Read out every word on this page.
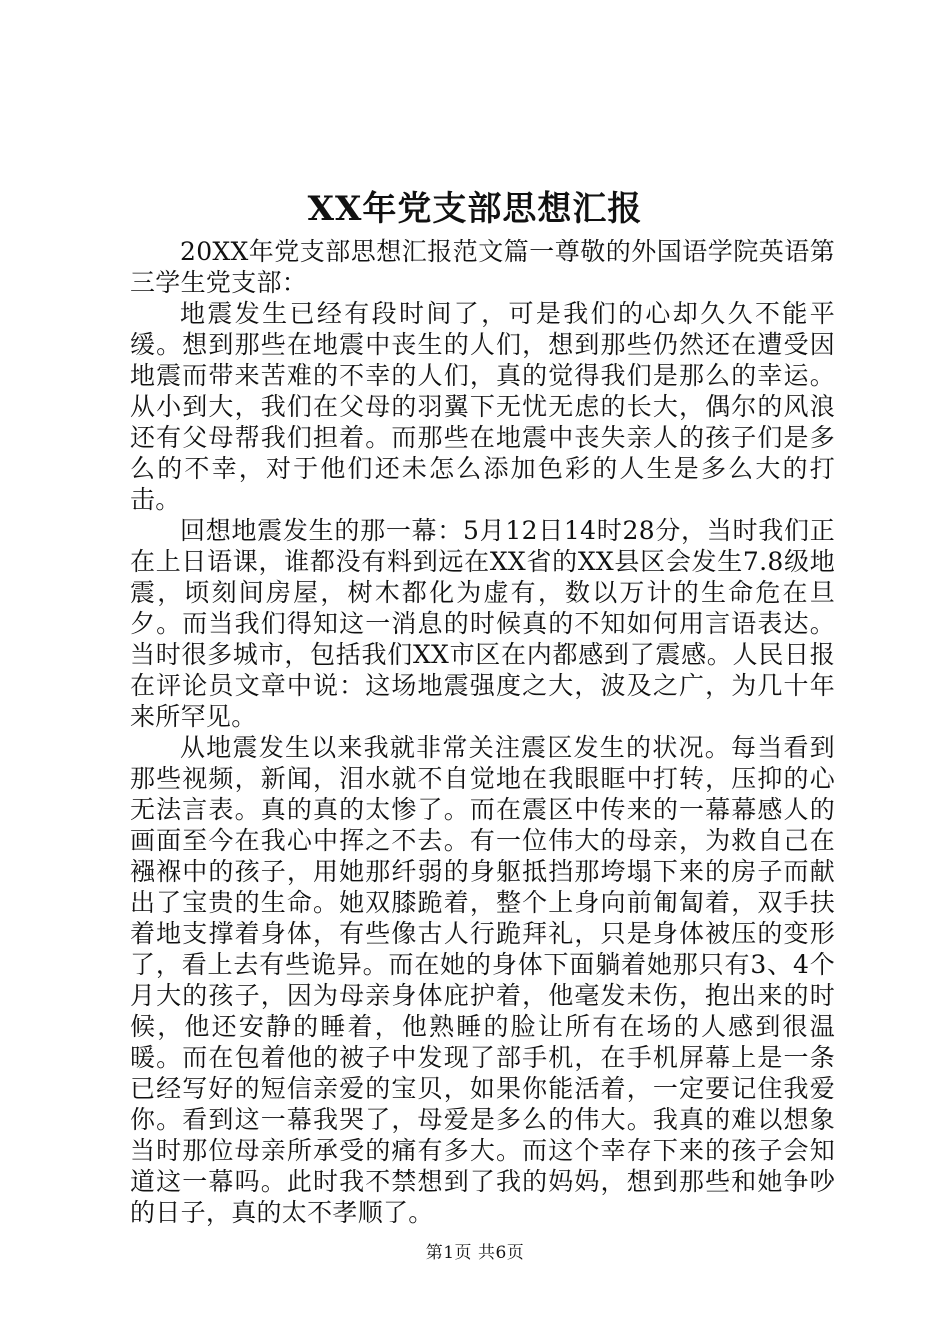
XX年党支部思想汇报

20XX年党支部思想汇报范文篇一尊敬的外国语学院英语第三学生党支部：

地震发生已经有段时间了，可是我们的心却久久不能平缓。想到那些在地震中丧生的人们，想到那些仍然还在遭受因地震而带来苦难的不幸的人们，真的觉得我们是那么的幸运。从小到大，我们在父母的羽翼下无忧无虑的长大，偶尔的风浪还有父母帮我们担着。而那些在地震中丧失亲人的孩子们是多么的不幸，对于他们还未怎么添加色彩的人生是多么大的打击。

回想地震发生的那一幕：5月12日14时28分，当时我们正在上日语课，谁都没有料到远在XX省的XX县区会发生7.8级地震，顷刻间房屋，树木都化为虚有，数以万计的生命危在旦夕。而当我们得知这一消息的时候真的不知如何用言语表达。当时很多城市，包括我们XX市区在内都感到了震感。人民日报在评论员文章中说：这场地震强度之大，波及之广，为几十年来所罕见。

从地震发生以来我就非常关注震区发生的状况。每当看到那些视频，新闻，泪水就不自觉地在我眼眶中打转，压抑的心无法言表。真的真的太惨了。而在震区中传来的一幕幕感人的画面至今在我心中挥之不去。有一位伟大的母亲，为救自己在襁褓中的孩子，用她那纤弱的身躯抵挡那垮塌下来的房子而献出了宝贵的生命。她双膝跪着，整个上身向前匍匐着，双手扶着地支撑着身体，有些像古人行跪拜礼，只是身体被压的变形了，看上去有些诡异。而在她的身体下面躺着她那只有3、4个月大的孩子，因为母亲身体庇护着，他毫发未伤，抱出来的时候，他还安静的睡着，他熟睡的脸让所有在场的人感到很温暖。而在包着他的被子中发现了部手机，在手机屏幕上是一条已经写好的短信亲爱的宝贝，如果你能活着，一定要记住我爱你。看到这一幕我哭了，母爱是多么的伟大。我真的难以想象当时那位母亲所承受的痛有多大。而这个幸存下来的孩子会知道这一幕吗。此时我不禁想到了我的妈妈，想到那些和她争吵的日子，真的太不孝顺了。

第1页 共6页
